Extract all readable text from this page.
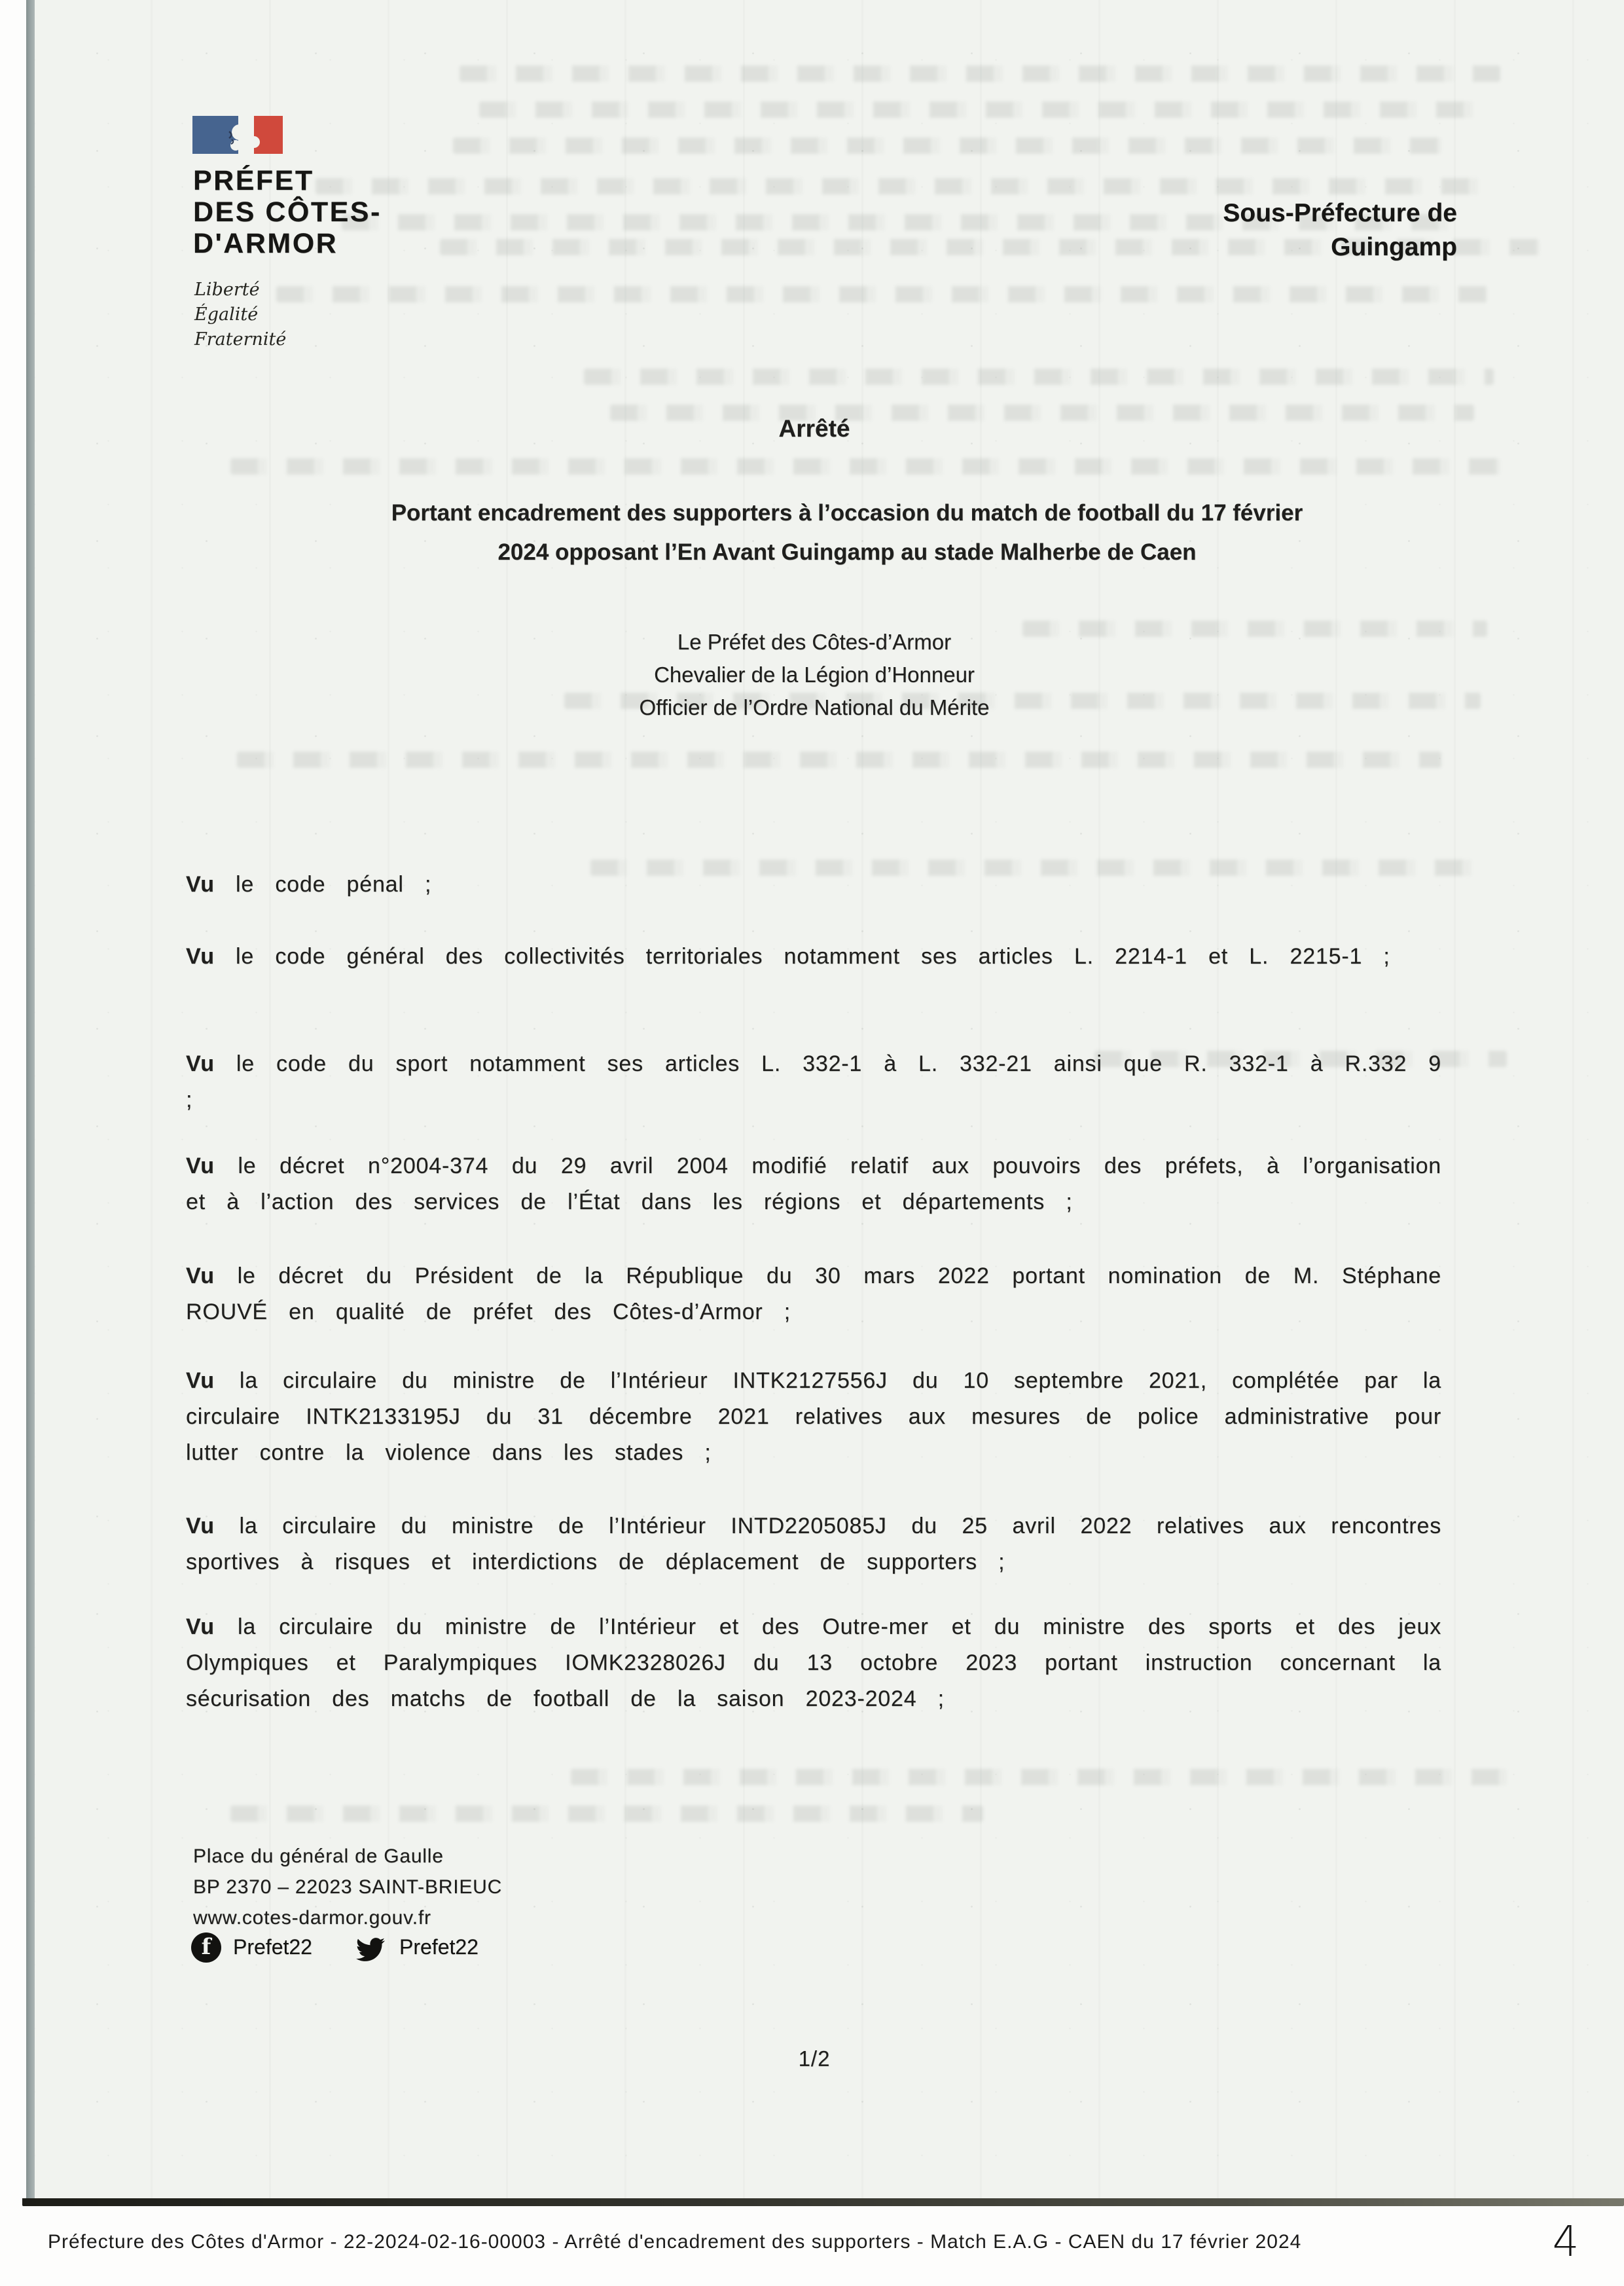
PRÉFET
DES CÔTES-
D'ARMOR
Liberté
Égalité
Fraternité
Sous-Préfecture de
Guingamp
Arrêté
Portant encadrement des supporters à l’occasion du match de football du 17 février
2024 opposant l’En Avant Guingamp au stade Malherbe de Caen
Le Préfet des Côtes-d’Armor
Chevalier de la Légion d’Honneur
Officier de l’Ordre National du Mérite

Vu le code pénal ;

Vu le code général des collectivités territoriales notamment ses articles L. 2214-1 et L. 2215-1 ;

Vu le code du sport notamment ses articles L. 332-1 à L. 332-21 ainsi que R. 332-1 à R.332 9 ;

Vu le décret n°2004-374 du 29 avril 2004 modifié relatif aux pouvoirs des préfets, à l’organisation et à l’action des services de l’État dans les régions et départements ;

Vu le décret du Président de la République du 30 mars 2022 portant nomination de M. Stéphane ROUVÉ en qualité de préfet des Côtes-d’Armor ;

Vu la circulaire du ministre de l’Intérieur INTK2127556J du 10 septembre 2021, complétée par la circulaire INTK2133195J du 31 décembre 2021 relatives aux mesures de police administrative pour lutter contre la violence dans les stades ;

Vu la circulaire du ministre de l’Intérieur INTD2205085J du 25 avril 2022 relatives aux rencontres sportives à risques et interdictions de déplacement de supporters ;

Vu la circulaire du ministre de l’Intérieur et des Outre-mer et du ministre des sports et des jeux Olympiques et Paralympiques IOMK2328026J du 13 octobre 2023 portant instruction concernant la sécurisation des matchs de football de la saison 2023-2024 ;

Place du général de Gaulle
BP 2370 – 22023 SAINT-BRIEUC
www.cotes-darmor.gouv.fr
f	Prefet22	Prefet22
1/2
Préfecture des Côtes d'Armor - 22-2024-02-16-00003 - Arrêté d'encadrement des supporters - Match E.A.G - CAEN du 17 février 2024	4
